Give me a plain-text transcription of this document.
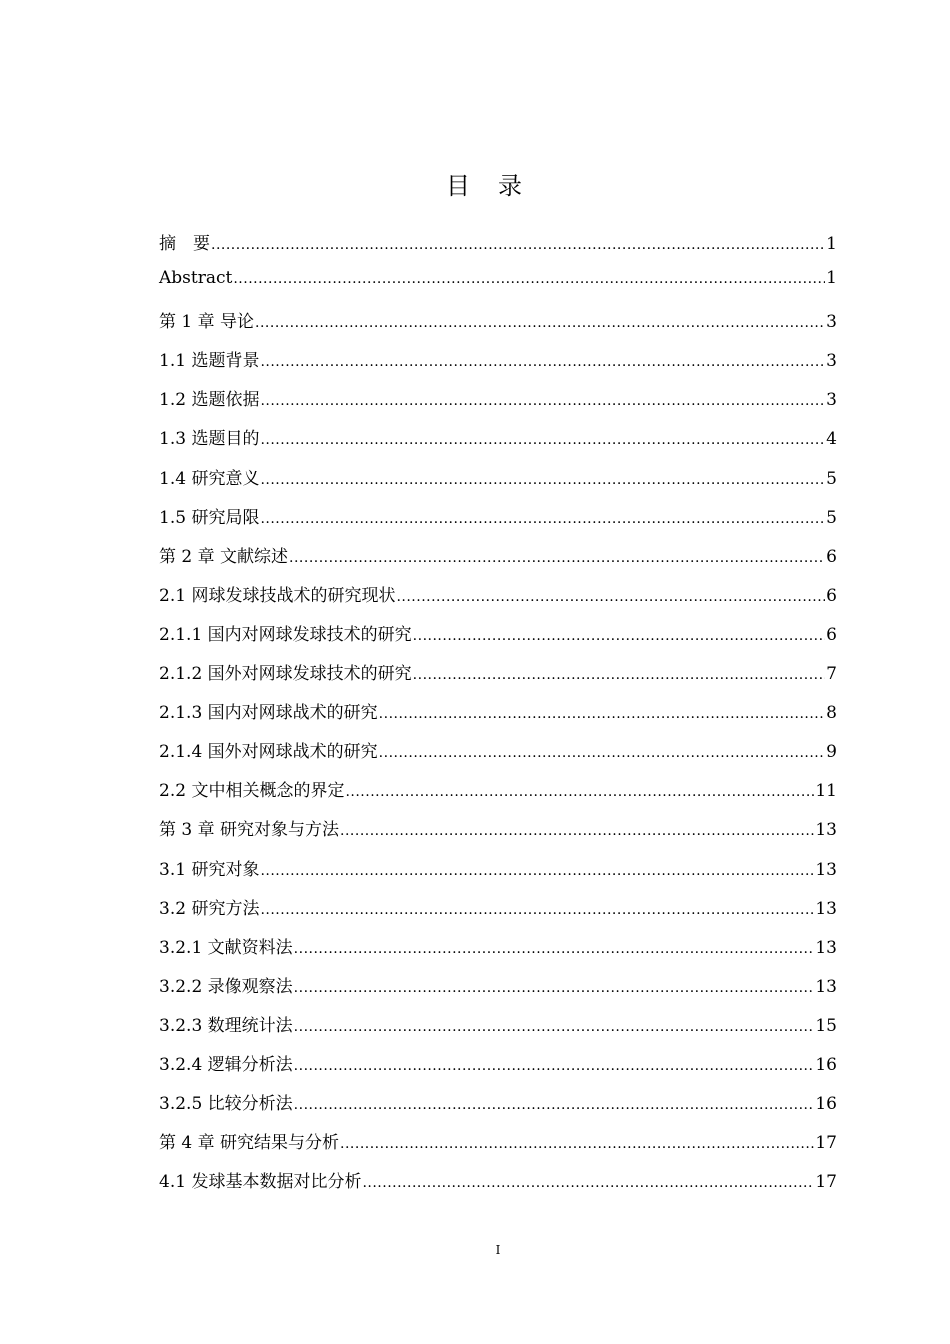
目录
摘　要 .....	1
Abstract .....	1
第 1 章 导论 .....	3
1.1 选题背景 .....	3
1.2 选题依据 .....	3
1.3 选题目的 .....	4
1.4 研究意义 .....	5
1.5 研究局限 .....	5
第 2 章 文献综述 .....	6
2.1 网球发球技战术的研究现状 .....	6
2.1.1 国内对网球发球技术的研究 .....	6
2.1.2 国外对网球发球技术的研究 .....	7
2.1.3 国内对网球战术的研究 .....	8
2.1.4 国外对网球战术的研究 .....	9
2.2 文中相关概念的界定 .....	11
第 3 章 研究对象与方法 .....	13
3.1 研究对象 .....	13
3.2 研究方法 .....	13
3.2.1 文献资料法 .....	13
3.2.2 录像观察法 .....	13
3.2.3 数理统计法 .....	15
3.2.4 逻辑分析法 .....	16
3.2.5 比较分析法 .....	16
第 4 章 研究结果与分析 .....	17
4.1 发球基本数据对比分析 .....	17
I
